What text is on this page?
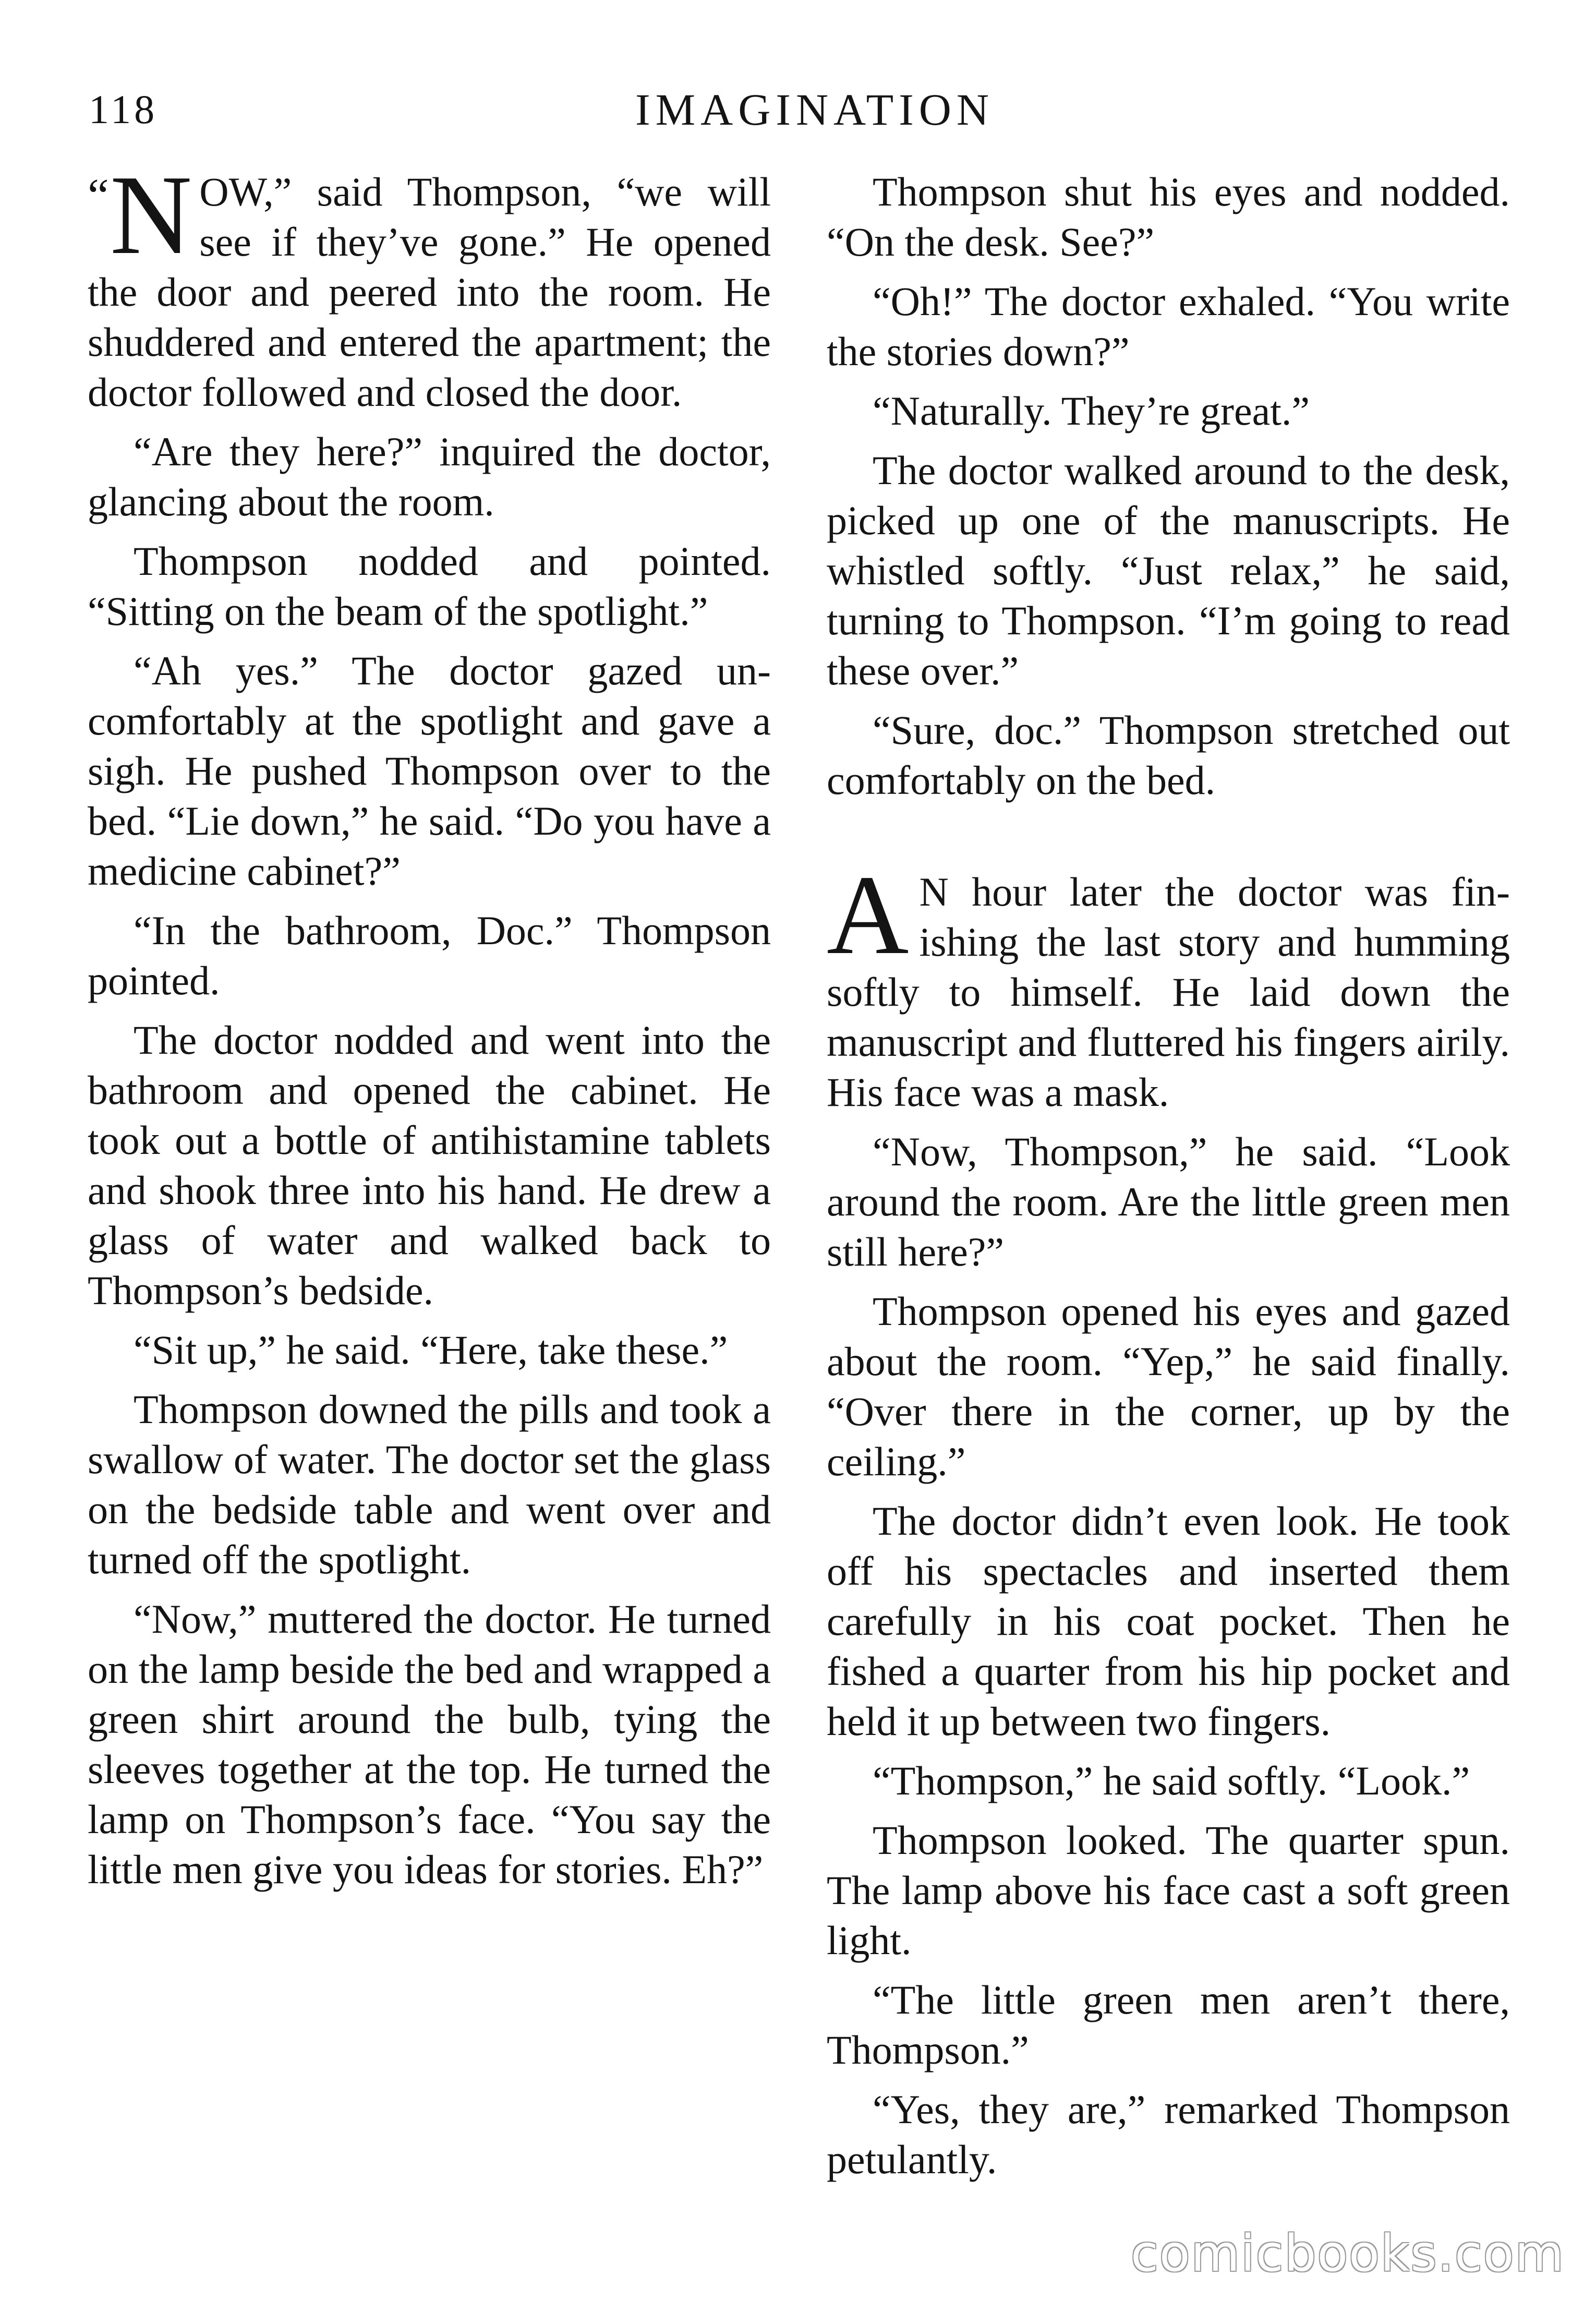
118	IMAGINATION

“ N OW,” said Thompson, “we will see if they’ve gone.” He opened the door and peered into the room. He shuddered and entered the apartment; the doctor followed and closed the door.

“Are they here?” inquired the doctor, glancing about the room.

Thompson nodded and pointed. “Sitting on the beam of the spotlight.”

“Ah yes.” The doctor gazed uncomfortably at the spotlight and gave a sigh. He pushed Thompson over to the bed. “Lie down,” he said. “Do you have a medicine cabinet?”

“In the bathroom, Doc.” Thompson pointed.

The doctor nodded and went into the bathroom and opened the cabinet. He took out a bottle of antihistamine tablets and shook three into his hand. He drew a glass of water and walked back to Thompson’s bedside.

“Sit up,” he said. “Here, take these.”

Thompson downed the pills and took a swallow of water. The doctor set the glass on the bedside table and went over and turned off the spotlight.

“Now,” muttered the doctor. He turned on the lamp beside the bed and wrapped a green shirt around the bulb, tying the sleeves together at the top. He turned the lamp on Thompson’s face. “You say the little men give you ideas for stories. Eh?”

Thompson shut his eyes and nodded. “On the desk. See?”

“Oh!” The doctor exhaled. “You write the stories down?”

“Naturally. They’re great.”

The doctor walked around to the desk, picked up one of the manuscripts. He whistled softly. “Just relax,” he said, turning to Thompson. “I’m going to read these over.”

“Sure, doc.” Thompson stretched out comfortably on the bed.

A N hour later the doctor was finishing the last story and humming softly to himself. He laid down the manuscript and fluttered his fingers airily. His face was a mask.

“Now, Thompson,” he said. “Look around the room. Are the little green men still here?”

Thompson opened his eyes and gazed about the room. “Yep,” he said finally. “Over there in the corner, up by the ceiling.”

The doctor didn’t even look. He took off his spectacles and inserted them carefully in his coat pocket. Then he fished a quarter from his hip pocket and held it up between two fingers.

“Thompson,” he said softly. “Look.”

Thompson looked. The quarter spun. The lamp above his face cast a soft green light.

“The little green men aren’t there, Thompson.”

“Yes, they are,” remarked Thompson petulantly.

comicbooks.com
